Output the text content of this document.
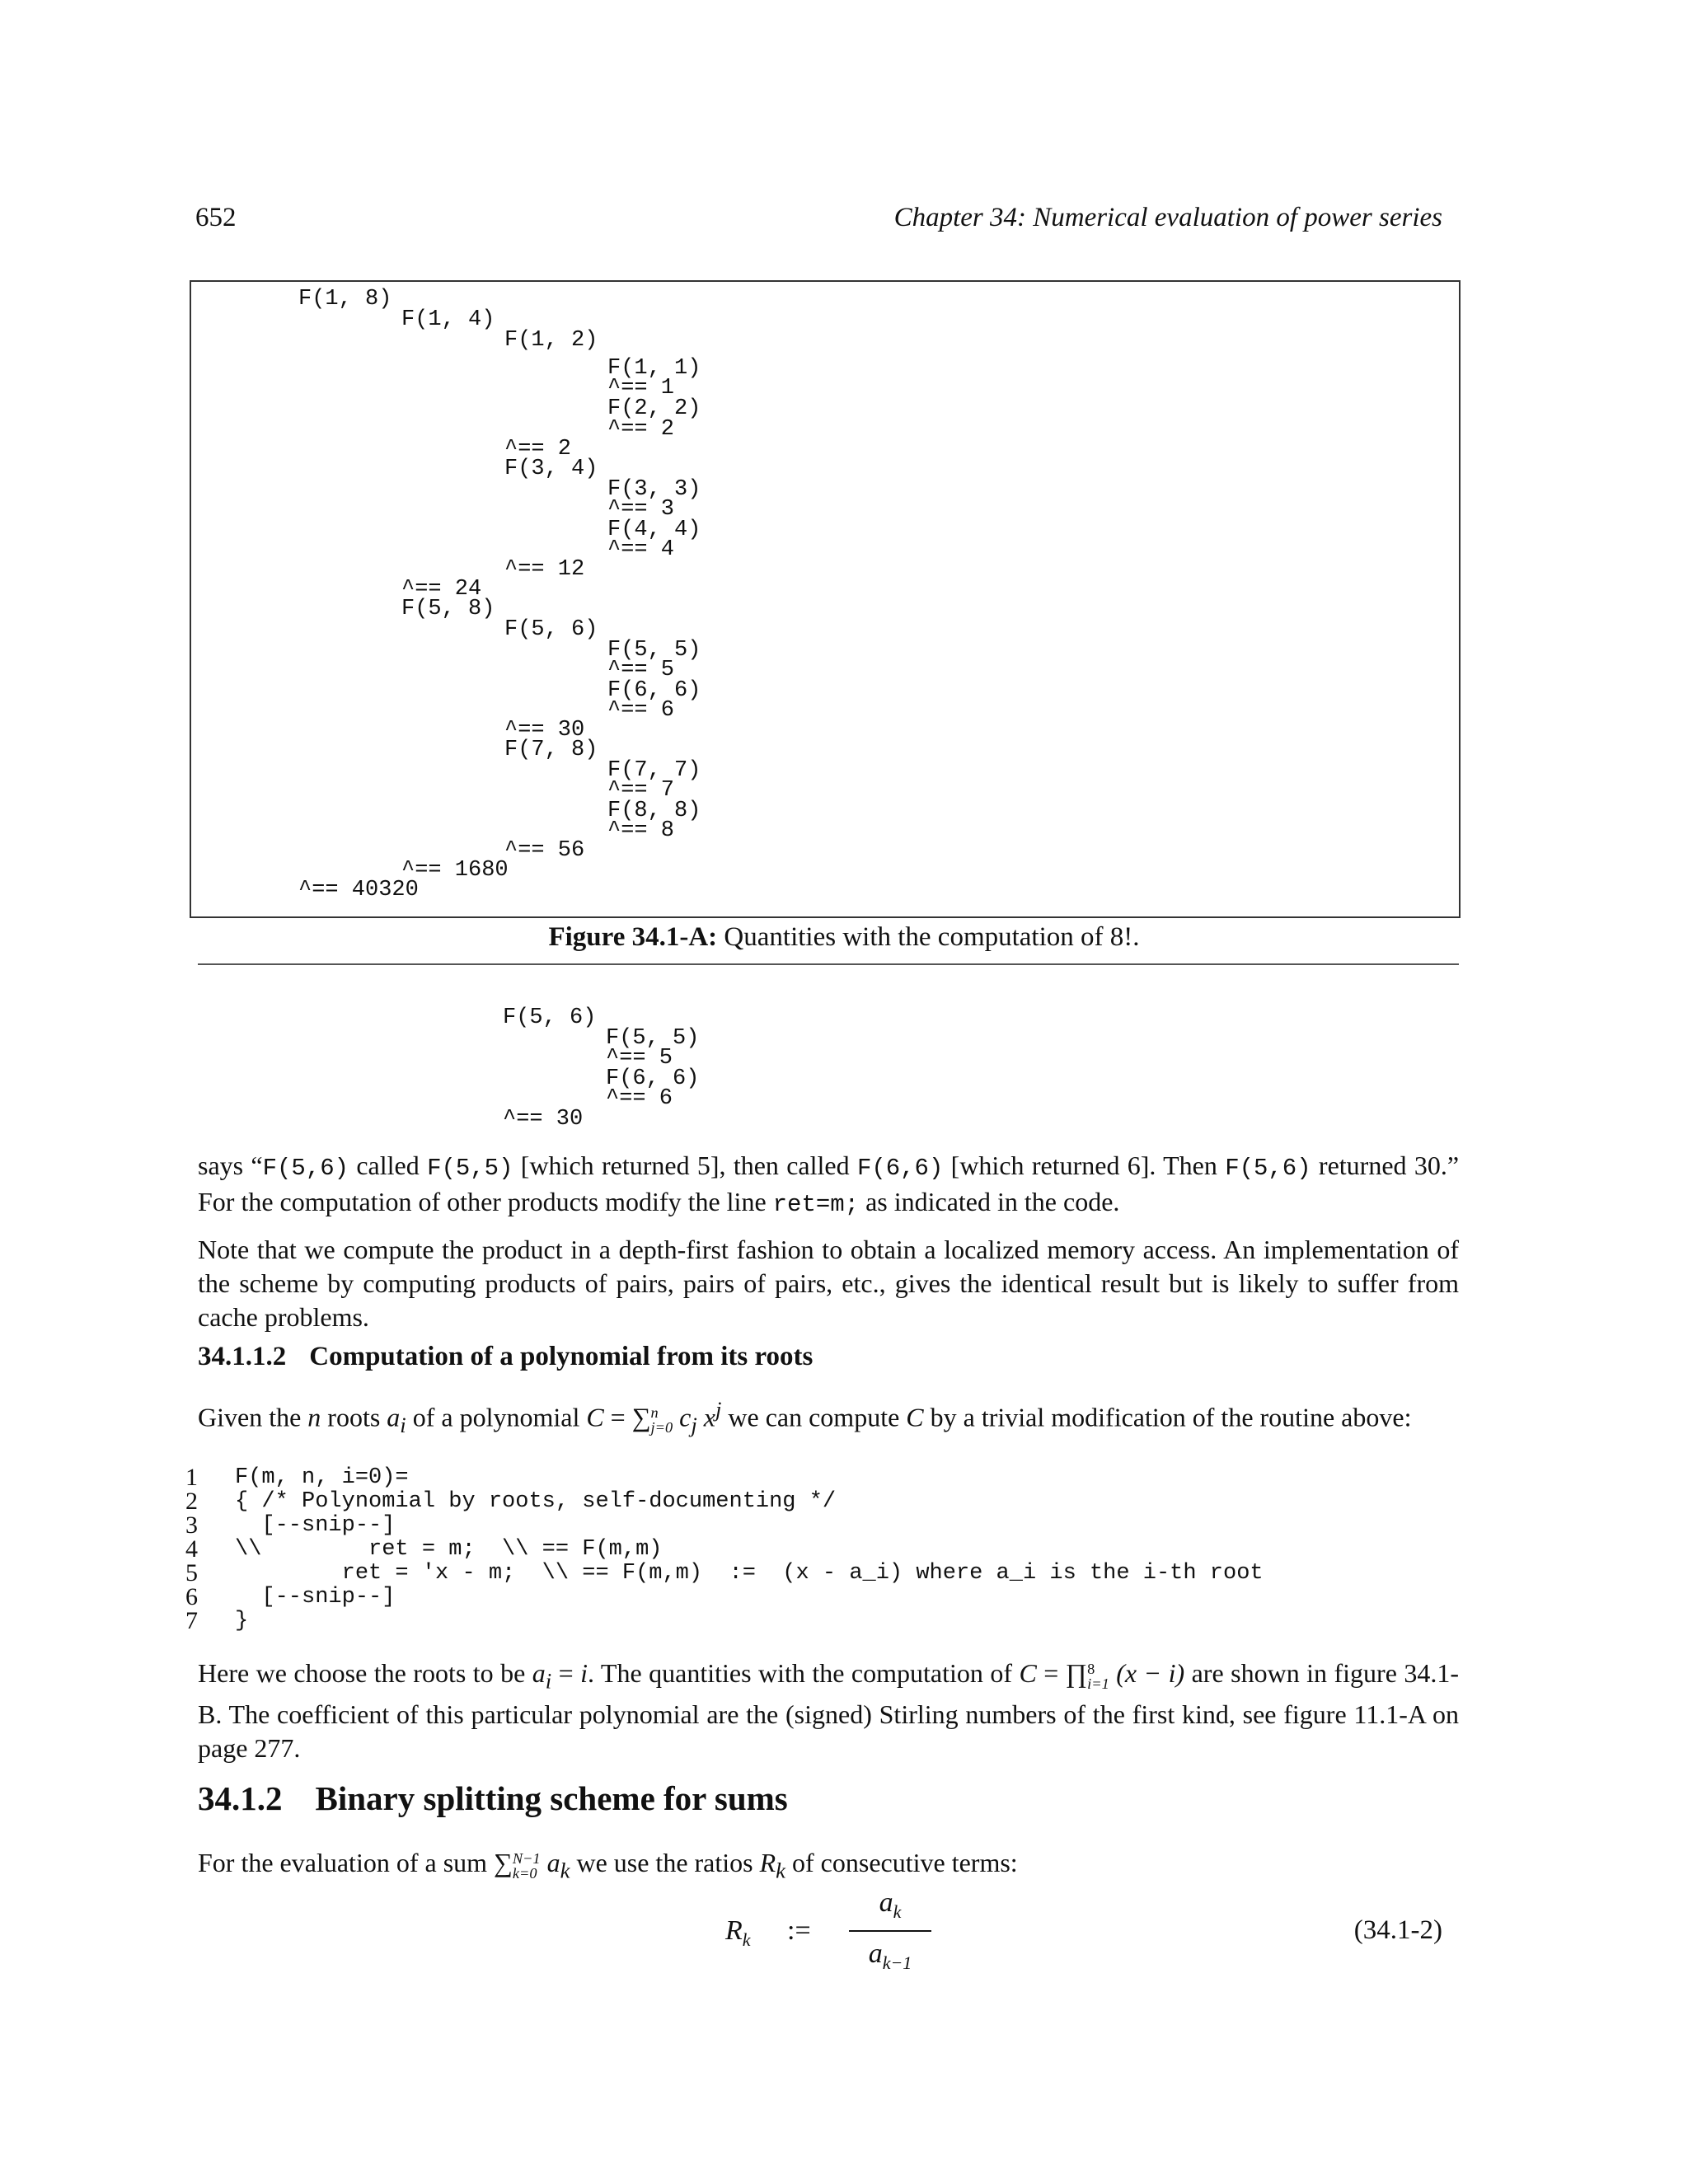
652	Chapter 34: Numerical evaluation of power series
F(1, 8)
F(1, 4)
F(1, 2)
F(1, 1)
^== 1
F(2, 2)
^== 2
^== 2
F(3, 4)
F(3, 3)
^== 3
F(4, 4)
^== 4
^== 12
^== 24
F(5, 8)
F(5, 6)
F(5, 5)
^== 5
F(6, 6)
^== 6
^== 30
F(7, 8)
F(7, 7)
^== 7
F(8, 8)
^== 8
^== 56
^== 1680
^== 40320
Figure 34.1-A: Quantities with the computation of 8!.
F(5, 6)
F(5, 5)
^== 5
F(6, 6)
^== 6
^== 30
says “F(5,6) called F(5,5) [which returned 5], then called F(6,6) [which returned 6]. Then F(5,6) returned 30.” For the computation of other products modify the line ret=m; as indicated in the code.
Note that we compute the product in a depth-first fashion to obtain a localized memory access. An implementation of the scheme by computing products of pairs, pairs of pairs, etc., gives the identical result but is likely to suffer from cache problems.
34.1.1.2 Computation of a polynomial from its roots
Given the n roots $a_i$ of a polynomial C = ∑ n
j=0 $c_j$ $x^j$ we can compute C by a trivial modification of the routine above:
1
2
3
4
5
6
7
F(m, n, i=0)=
{ /* Polynomial by roots, self-documenting */
[--snip--]
\\        ret = m;  \\ == F(m,m)
ret = 'x - m;  \\ == F(m,m)  :=  (x - a_i) where a_i is the i-th root
[--snip--]
}
Here we choose the roots to be $a_i = i$. The quantities with the computation of C = ∏ 8
i=1 (x − i) are shown in figure 34.1-B. The coefficient of this particular polynomial are the (signed) Stirling numbers of the first kind, see figure 11.1-A on page 277.
34.1.2 Binary splitting scheme for sums
For the evaluation of a sum ∑ N−1
k=0 $a_k$ we use the ratios $R_k$ of consecutive terms:
$R_k$ :=
$a_k$
$a_{k-1}$
(34.1-2)
